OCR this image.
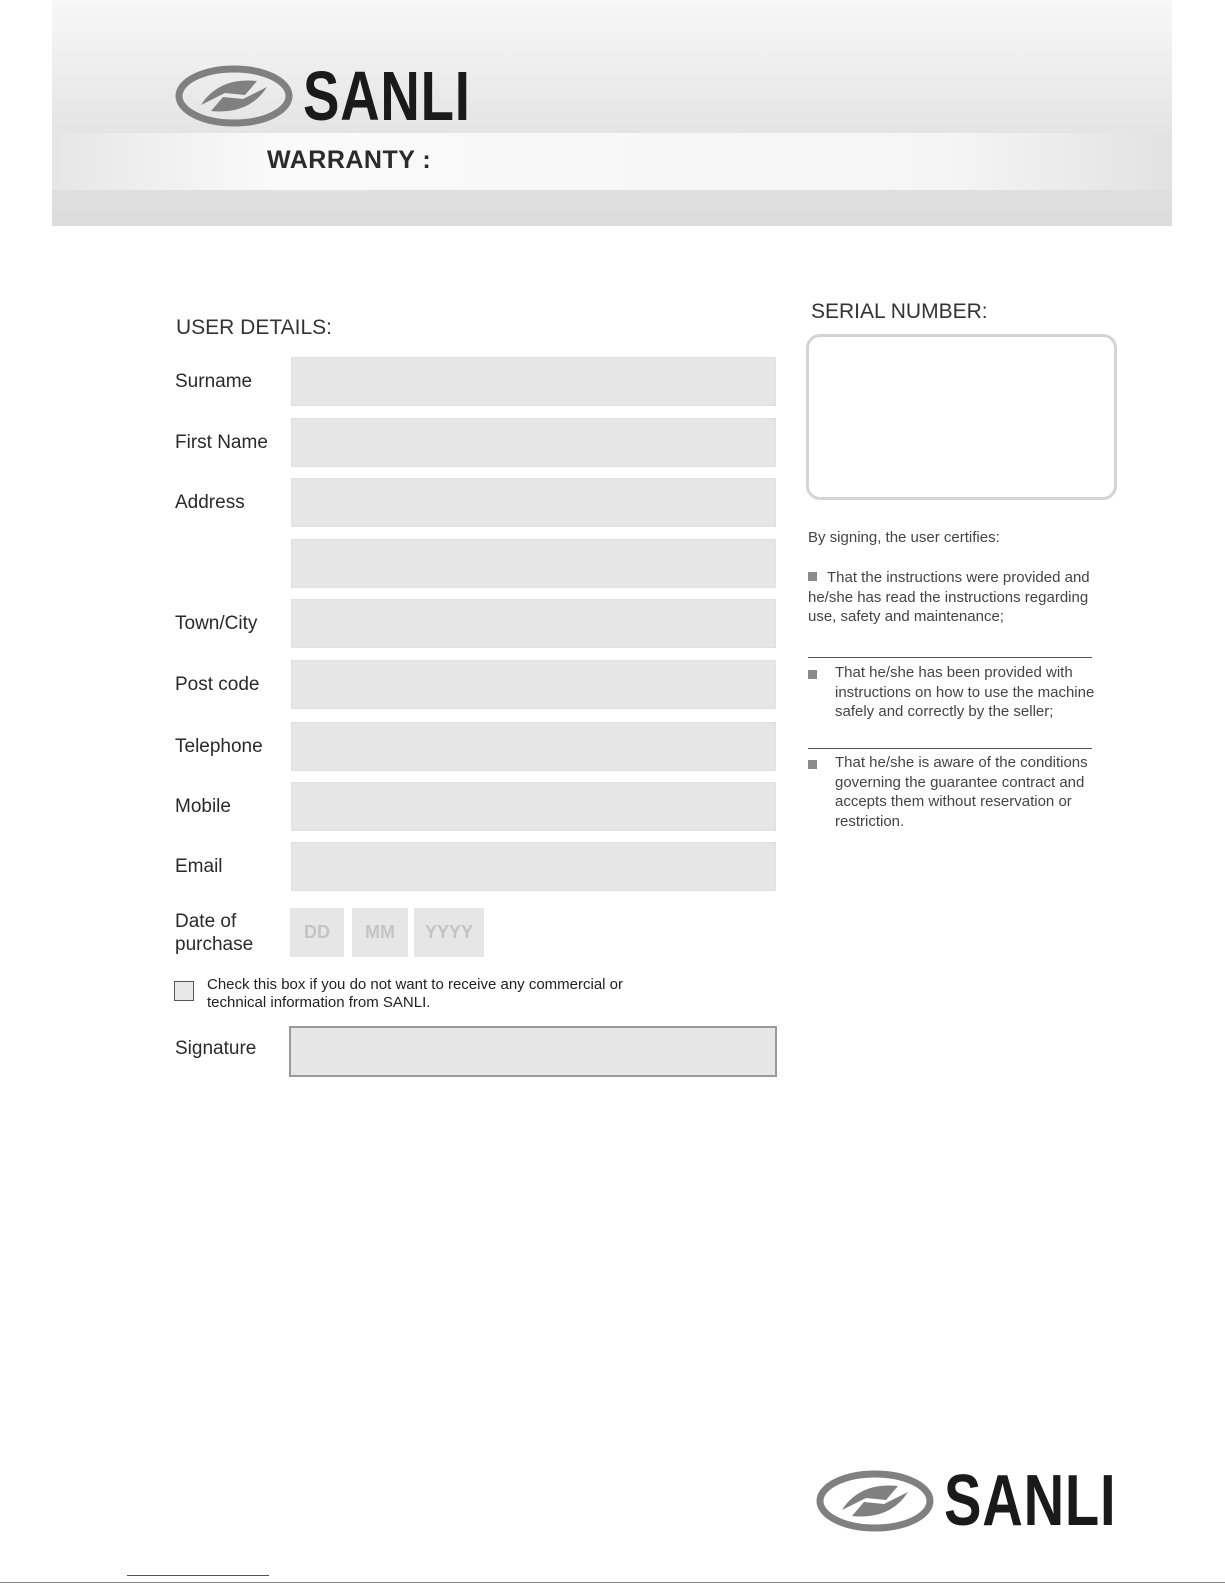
SANLI
WARRANTY :
USER DETAILS:
Surname
First Name
Address
Town/City
Post code
Telephone
Mobile
Email
Date of
purchase
DD	MM	YYYY
Check this box if you do not want to receive any commercial or
technical information from SANLI.
Signature
SERIAL NUMBER:
By signing, the user certifies:
That the instructions were provided and he/she has read the instructions regarding use, safety and maintenance;
That he/she has been provided with instructions on how to use the machine safely and correctly by the seller;
That he/she is aware of the conditions governing the guarantee contract and accepts them without reservation or restriction.
SANLI
